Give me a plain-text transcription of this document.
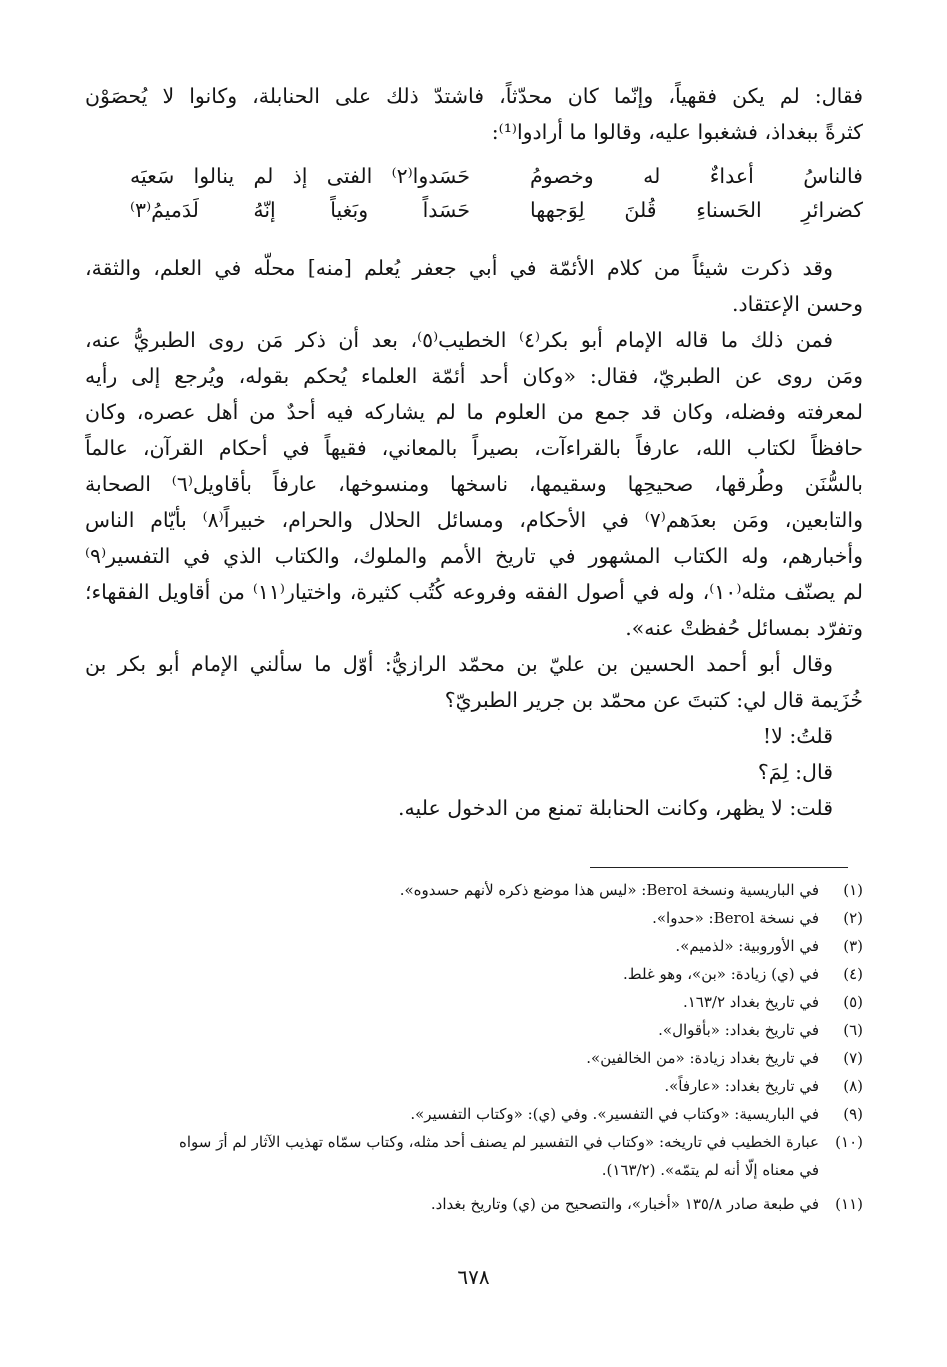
فقال: لم يكن فقهياً، وإنّما كان محدّثاً، فاشتدّ ذلك على الحنابلة، وكانوا لا يُحصَوْن
كثرةً ببغداذ، فشغبوا عليه، وقالوا ما أرادوا⁽¹⁾:
فالناسُ أعداءٌ له وخصومُ
حَسَدوا⁽٢⁾ الفتى إذ لم ينالوا سَعيَه
كضرائرِ الحَسناءِ قُلنَ لِوَجهها
حَسَداً وبَغياً إنّهُ لَدَميمُ⁽٣⁾
وقد ذكرت شيئاً من كلام الأئمّة في أبي جعفر يُعلم [منه] محلّه في العلم، والثقة،
وحسن الإعتقاد.
فمن ذلك ما قاله الإمام أبو بكر⁽٤⁾ الخطيب⁽٥⁾، بعد أن ذكر مَن روى الطبريُّ عنه،
ومَن روى عن الطبريّ، فقال: «وكان أحد أئمّة العلماء يُحكم بقوله، ويُرجع إلى رأيه
لمعرفته وفضله، وكان قد جمع من العلوم ما لم يشاركه فيه أحدٌ من أهل عصره، وكان
حافظاً لكتاب الله، عارفاً بالقراءآت، بصيراً بالمعاني، فقيهاً في أحكام القرآن، عالماً
بالسُّنَن وطُرقها، صحيحِها وسقيمها، ناسخها ومنسوخها، عارفاً بأقاويل⁽٦⁾ الصحابة
والتابعين، ومَن بعدَهم⁽٧⁾ في الأحكام، ومسائل الحلال والحرام، خبيراً⁽٨⁾ بأيّام الناس
وأخبارهم، وله الكتاب المشهور في تاريخ الأمم والملوك، والكتاب الذي في التفسير⁽٩⁾
لم يصنّف مثله⁽١٠⁾، وله في أصول الفقه وفروعه كُتُب كثيرة، واختيار⁽١١⁾ من أقاويل الفقهاء؛
وتفرّد بمسائل حُفظتْ عنه».
وقال أبو أحمد الحسين بن عليّ بن محمّد الرازيُّ: أوّل ما سألني الإمام أبو بكر بن
خُزَيمة قال لي: كتبتَ عن محمّد بن جرير الطبريّ؟
قلتُ: لا!
قال: لِمَ؟
قلت: لا يظهر، وكانت الحنابلة تمنع من الدخول عليه.
(١)في الباريسية ونسخة Berol: «ليس هذا موضع ذكره لأنهم حسدوه».
(٢)في نسخة Berol: «حدوا».
(٣)في الأوروبية: «لذميم».
(٤)في (ي) زيادة: «بن»، وهو غلط.
(٥)في تاريخ بغداد ١٦٣/٢.
(٦)في تاريخ بغداد: «بأقوال».
(٧)في تاريخ بغداد زيادة: «من الخالفين».
(٨)في تاريخ بغداد: «عارفاً».
(٩)في الباريسية: «وكتاب في التفسير». وفي (ي): «وكتاب التفسير».
(١٠)عبارة الخطيب في تاريخه: «وكتاب في التفسير لم يصنف أحد مثله، وكتاب سمّاه تهذيب الآثار لم أرَ سواه
في معناه إلّا أنه لم يتمّه». (١٦٣/٢).
(١١)في طبعة صادر ١٣٥/٨ «أخبار»، والتصحيح من (ي) وتاريخ بغداد.
٦٧٨
